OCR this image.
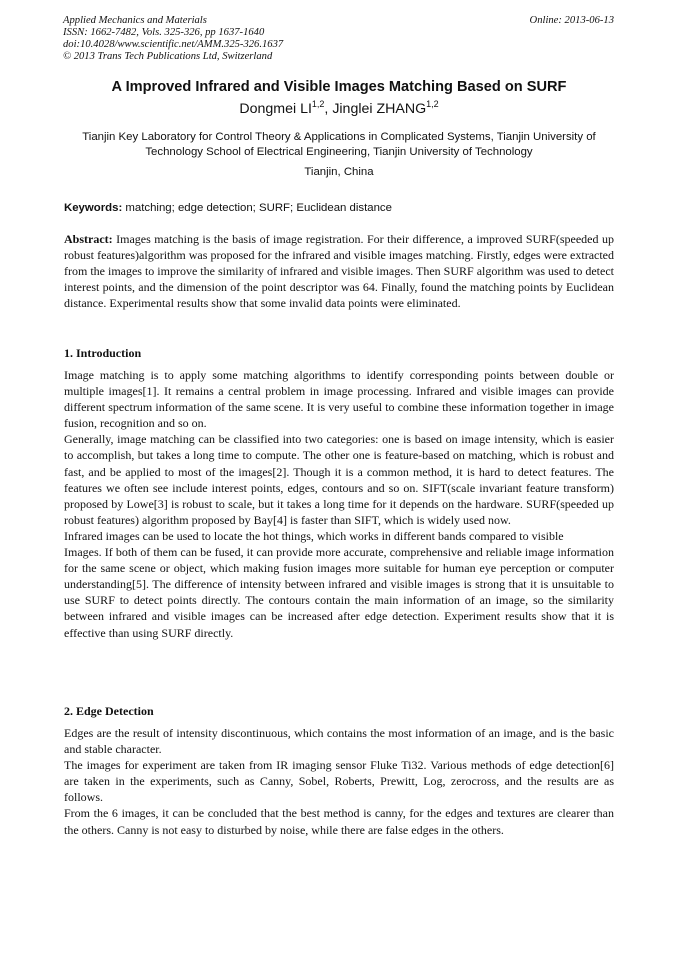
Applied Mechanics and Materials
ISSN: 1662-7482, Vols. 325-326, pp 1637-1640
doi:10.4028/www.scientific.net/AMM.325-326.1637
© 2013 Trans Tech Publications Ltd, Switzerland
Online: 2013-06-13
A Improved Infrared and Visible Images Matching Based on SURF
Dongmei LI$^{1,2}$, Jinglei ZHANG$^{1,2}$
Tianjin Key Laboratory for Control Theory & Applications in Complicated Systems, Tianjin University of Technology School of Electrical Engineering, Tianjin University of Technology
Tianjin, China
Keywords: matching; edge detection; SURF; Euclidean distance

Abstract: Images matching is the basis of image registration. For their difference, a improved SURF(speeded up robust features)algorithm was proposed for the infrared and visible images matching. Firstly, edges were extracted from the images to improve the similarity of infrared and visible images. Then SURF algorithm was used to detect interest points, and the dimension of the point descriptor was 64. Finally, found the matching points by Euclidean distance. Experimental results show that some invalid data points were eliminated.

1. Introduction

Image matching is to apply some matching algorithms to identify corresponding points between double or multiple images[1]. It remains a central problem in image processing. Infrared and visible images can provide different spectrum information of the same scene. It is very useful to combine these information together in image fusion, recognition and so on.

Generally, image matching can be classified into two categories: one is based on image intensity, which is easier to accomplish, but takes a long time to compute. The other one is feature-based on matching, which is robust and fast, and be applied to most of the images[2]. Though it is a common method, it is hard to detect features. The features we often see include interest points, edges, contours and so on. SIFT(scale invariant feature transform) proposed by Lowe[3] is robust to scale, but it takes a long time for it depends on the hardware. SURF(speeded up robust features) algorithm proposed by Bay[4] is faster than SIFT, which is widely used now.

Infrared images can be used to locate the hot things, which works in different bands compared to visible

Images. If both of them can be fused, it can provide more accurate, comprehensive and reliable image information for the same scene or object, which making fusion images more suitable for human eye perception or computer understanding[5]. The difference of intensity between infrared and visible images is strong that it is unsuitable to use SURF to detect points directly. The contours contain the main information of an image, so the similarity between infrared and visible images can be increased after edge detection. Experiment results show that it is effective than using SURF directly.

2. Edge Detection

Edges are the result of intensity discontinuous, which contains the most information of an image, and is the basic and stable character.

The images for experiment are taken from IR imaging sensor Fluke Ti32. Various methods of edge detection[6] are taken in the experiments, such as Canny, Sobel, Roberts, Prewitt, Log, zerocross, and the results are as follows.

From the 6 images, it can be concluded that the best method is canny, for the edges and textures are clearer than the others. Canny is not easy to disturbed by noise, while there are false edges in the others.
